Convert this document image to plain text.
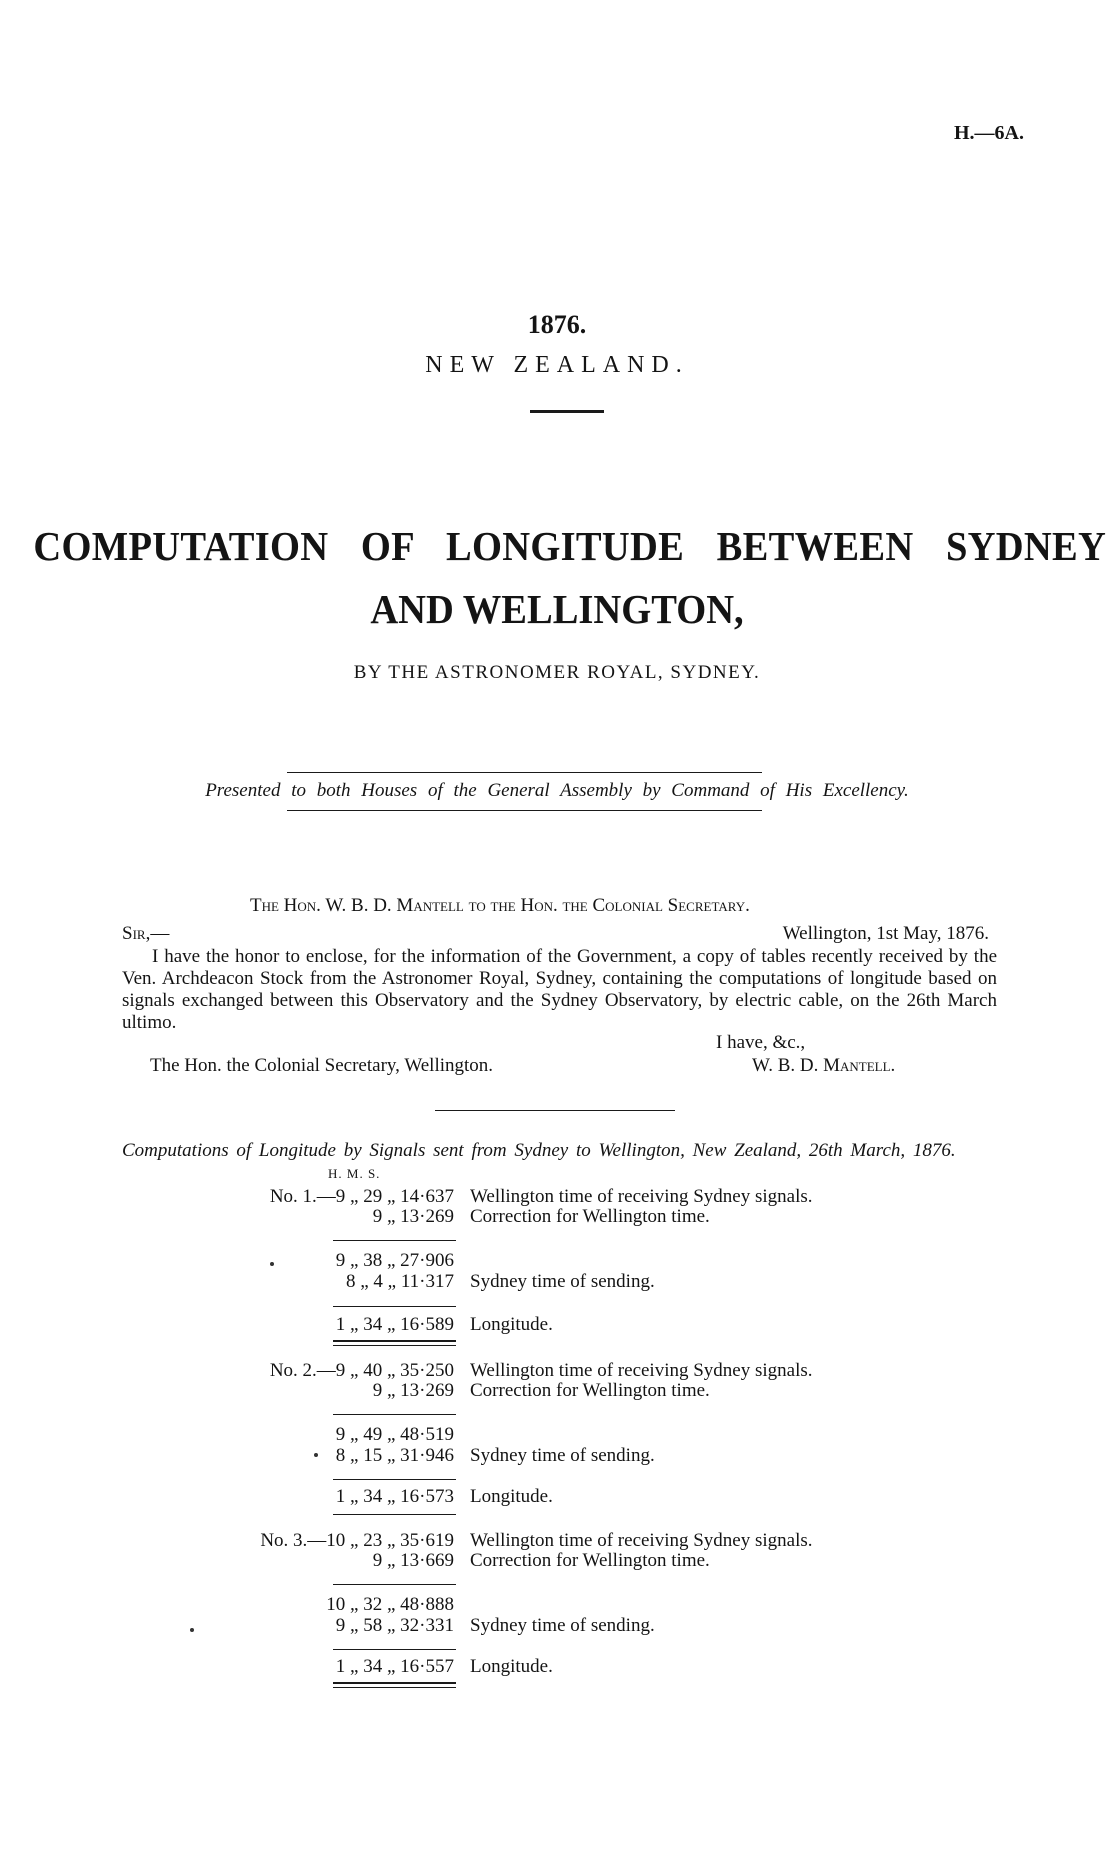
H.—6A.
1876.
NEW ZEALAND.
COMPUTATION OF LONGITUDE BETWEEN SYDNEY
AND WELLINGTON,
BY THE ASTRONOMER ROYAL, SYDNEY.
Presented to both Houses of the General Assembly by Command of His Excellency.
The Hon. W. B. D. Mantell to the Hon. the Colonial Secretary.
Sir,—	Wellington, 1st May, 1876.
I have the honor to enclose, for the information of the Government, a copy of tables recently received by the Ven. Archdeacon Stock from the Astronomer Royal, Sydney, containing the computations of longitude based on signals exchanged between this Observatory and the Sydney Observatory, by electric cable, on the 26th March ultimo.
I have, &c.,
The Hon. the Colonial Secretary, Wellington.	W. B. D. Mantell.
Computations of Longitude by Signals sent from Sydney to Wellington, New Zealand, 26th March, 1876.
H. M. S.
No. 1.—9 „ 29 „ 14·637 Wellington time of receiving Sydney signals.
9 „ 13·269 Correction for Wellington time.
9 „ 38 „ 27·906
8 „ 4 „ 11·317 Sydney time of sending.
1 „ 34 „ 16·589 Longitude.
No. 2.—9 „ 40 „ 35·250 Wellington time of receiving Sydney signals.
9 „ 13·269 Correction for Wellington time.
9 „ 49 „ 48·519
8 „ 15 „ 31·946 Sydney time of sending.
1 „ 34 „ 16·573 Longitude.
No. 3.—10 „ 23 „ 35·619 Wellington time of receiving Sydney signals.
9 „ 13·669 Correction for Wellington time.
10 „ 32 „ 48·888
9 „ 58 „ 32·331 Sydney time of sending.
1 „ 34 „ 16·557 Longitude.
